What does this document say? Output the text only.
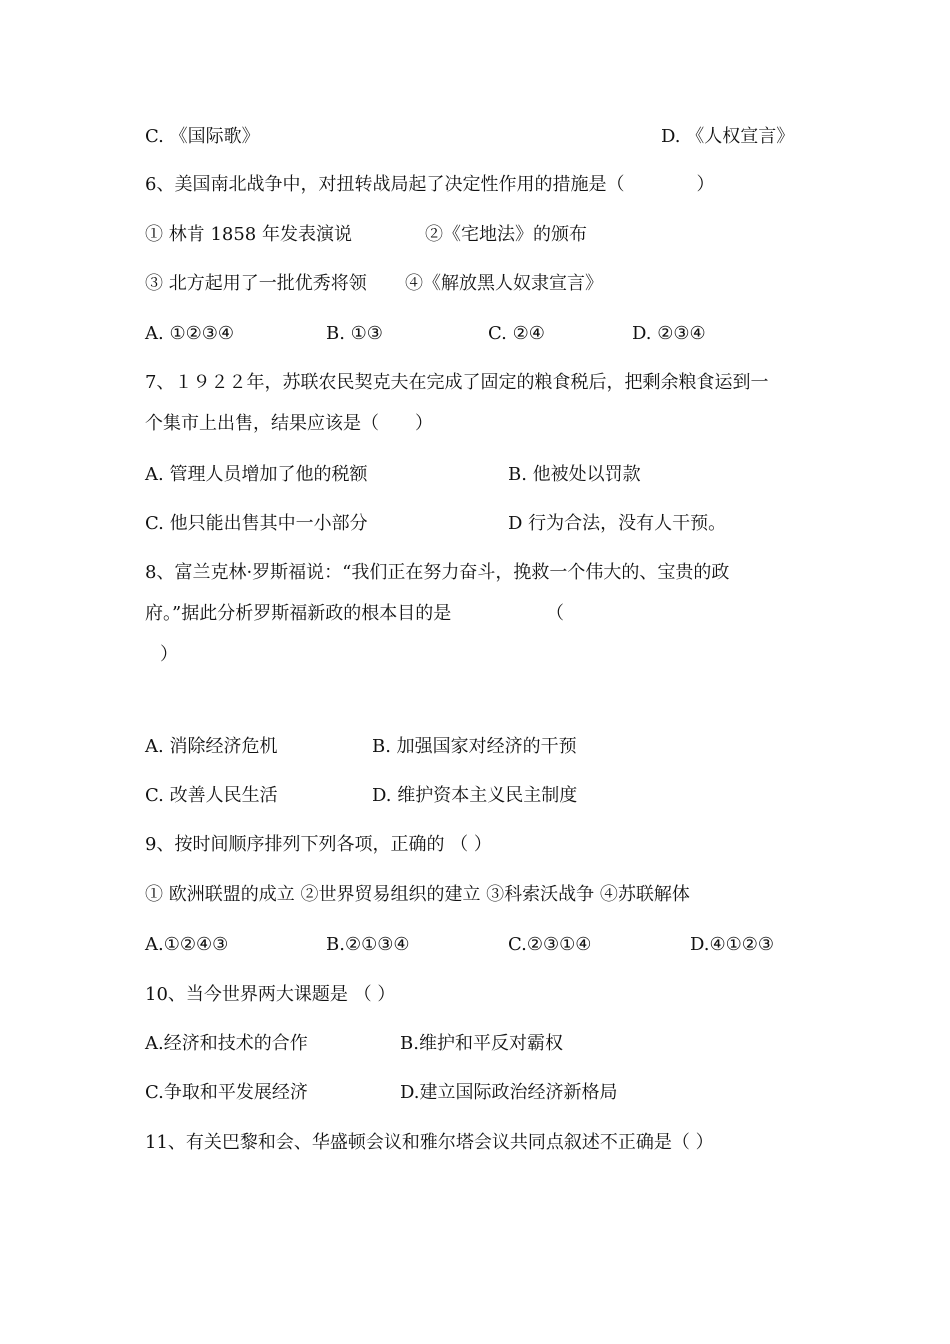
C. 《国际歌》	D. 《人权宣言》
6、美国南北战争中，对扭转战局起了决定性作用的措施是（　　　　）
① 林肯 1858 年发表演说	②《宅地法》的颁布
③ 北方起用了一批优秀将领 ④《解放黑人奴隶宣言》
A. ①②③④	B. ①③	C. ②④	D. ②③④
7、１９２２年，苏联农民契克夫在完成了固定的粮食税后，把剩余粮食运到一
个集市上出售，结果应该是（　　）
A. 管理人员增加了他的税额	B. 他被处以罚款
C. 他只能出售其中一小部分	D 行为合法，没有人干预。
8、富兰克林·罗斯福说：“我们正在努力奋斗，挽救一个伟大的、宝贵的政
府。”据此分析罗斯福新政的根本目的是	（
）
A. 消除经济危机	B. 加强国家对经济的干预
C. 改善人民生活	D. 维护资本主义民主制度
9、按时间顺序排列下列各项，正确的 （ ）
① 欧洲联盟的成立 ②世界贸易组织的建立 ③科索沃战争 ④苏联解体
A.①②④③	B.②①③④	C.②③①④	D.④①②③
10、当今世界两大课题是 （ ）
A.经济和技术的合作	B.维护和平反对霸权
C.争取和平发展经济	D.建立国际政治经济新格局
11、有关巴黎和会、华盛顿会议和雅尔塔会议共同点叙述不正确是（ ）
